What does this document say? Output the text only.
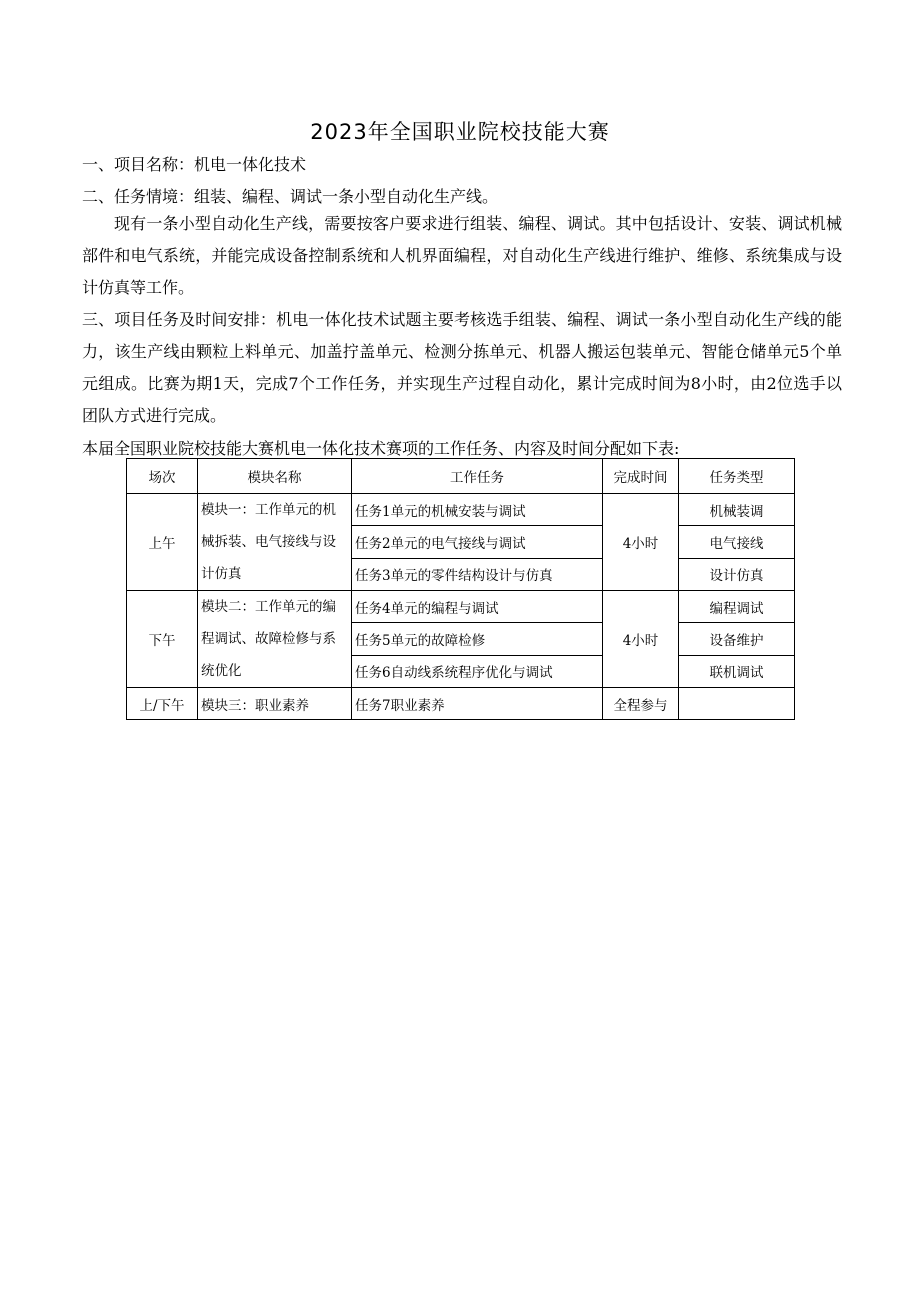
2023年全国职业院校技能大赛
一、项目名称：机电一体化技术
二、任务情境：组装、编程、调试一条小型自动化生产线。
现有一条小型自动化生产线，需要按客户要求进行组装、编程、调试。其中包括设计、安装、调试机械部件和电气系统，并能完成设备控制系统和人机界面编程，对自动化生产线进行维护、维修、系统集成与设计仿真等工作。
三、项目任务及时间安排：机电一体化技术试题主要考核选手组装、编程、调试一条小型自动化生产线的能力，该生产线由颗粒上料单元、加盖拧盖单元、检测分拣单元、机器人搬运包装单元、智能仓储单元5个单元组成。比赛为期1天，完成7个工作任务，并实现生产过程自动化，累计完成时间为8小时，由2位选手以团队方式进行完成。
本届全国职业院校技能大赛机电一体化技术赛项的工作任务、内容及时间分配如下表:
场次	模块名称	工作任务	完成时间	任务类型
上午	模块一：工作单元的机械拆装、电气接线与设计仿真	任务1单元的机械安装与调试	4小时	机械装调
		任务2单元的电气接线与调试		电气接线
		任务3单元的零件结构设计与仿真		设计仿真
下午	模块二：工作单元的编程调试、故障检修与系统优化	任务4单元的编程与调试	4小时	编程调试
		任务5单元的故障检修		设备维护
		任务6自动线系统程序优化与调试		联机调试
上/下午	模块三：职业素养	任务7职业素养	全程参与	
